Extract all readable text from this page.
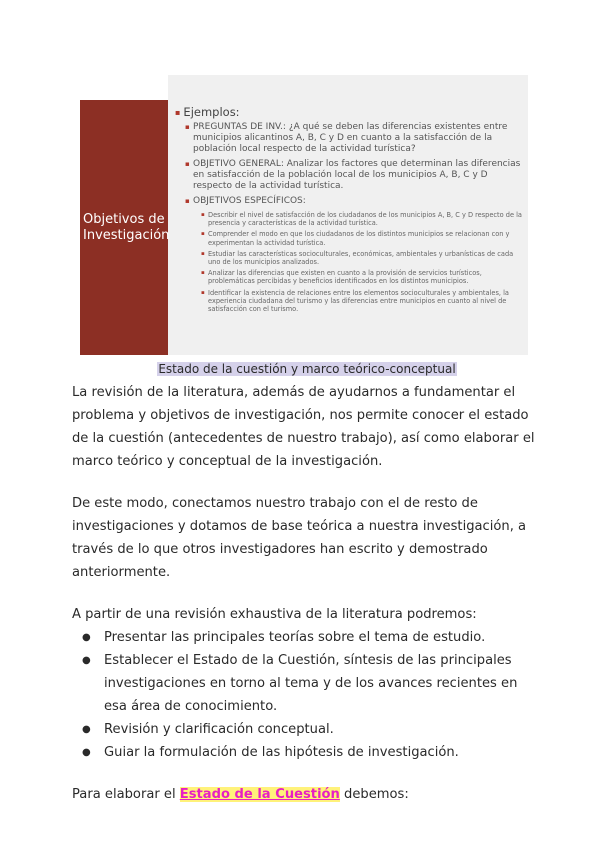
Objetivos de Investigación
▪ Ejemplos:
▪ PREGUNTAS DE INV.: ¿A qué se deben las diferencias existentes entre municipios alicantinos A, B, C y D en cuanto a la satisfacción de la población local respecto de la actividad turística?
▪ OBJETIVO GENERAL: Analizar los factores que determinan las diferencias en satisfacción de la población local de los municipios A, B, C y D respecto de la actividad turística.
▪ OBJETIVOS ESPECÍFICOS:
▪ Describir el nivel de satisfacción de los ciudadanos de los municipios A, B, C y D respecto de la presencia y características de la actividad turística.
▪ Comprender el modo en que los ciudadanos de los distintos municipios se relacionan con y experimentan la actividad turística.
▪ Estudiar las características socioculturales, económicas, ambientales y urbanísticas de cada uno de los municipios analizados.
▪ Analizar las diferencias que existen en cuanto a la provisión de servicios turísticos, problemáticas percibidas y beneficios identificados en los distintos municipios.
▪ Identificar la existencia de relaciones entre los elementos socioculturales y ambientales, la experiencia ciudadana del turismo y las diferencias entre municipios en cuanto al nivel de satisfacción con el turismo.

Estado de la cuestión y marco teórico-conceptual

La revisión de la literatura, además de ayudarnos a fundamentar el problema y objetivos de investigación, nos permite conocer el estado de la cuestión (antecedentes de nuestro trabajo), así como elaborar el marco teórico y conceptual de la investigación.

De este modo, conectamos nuestro trabajo con el de resto de investigaciones y dotamos de base teórica a nuestra investigación, a través de lo que otros investigadores han escrito y demostrado anteriormente.

A partir de una revisión exhaustiva de la literatura podremos:

● Presentar las principales teorías sobre el tema de estudio.
● Establecer el Estado de la Cuestión, síntesis de las principales investigaciones en torno al tema y de los avances recientes en esa área de conocimiento.
● Revisión y clarificación conceptual.
● Guiar la formulación de las hipótesis de investigación.

Para elaborar el Estado de la Cuestión debemos:
